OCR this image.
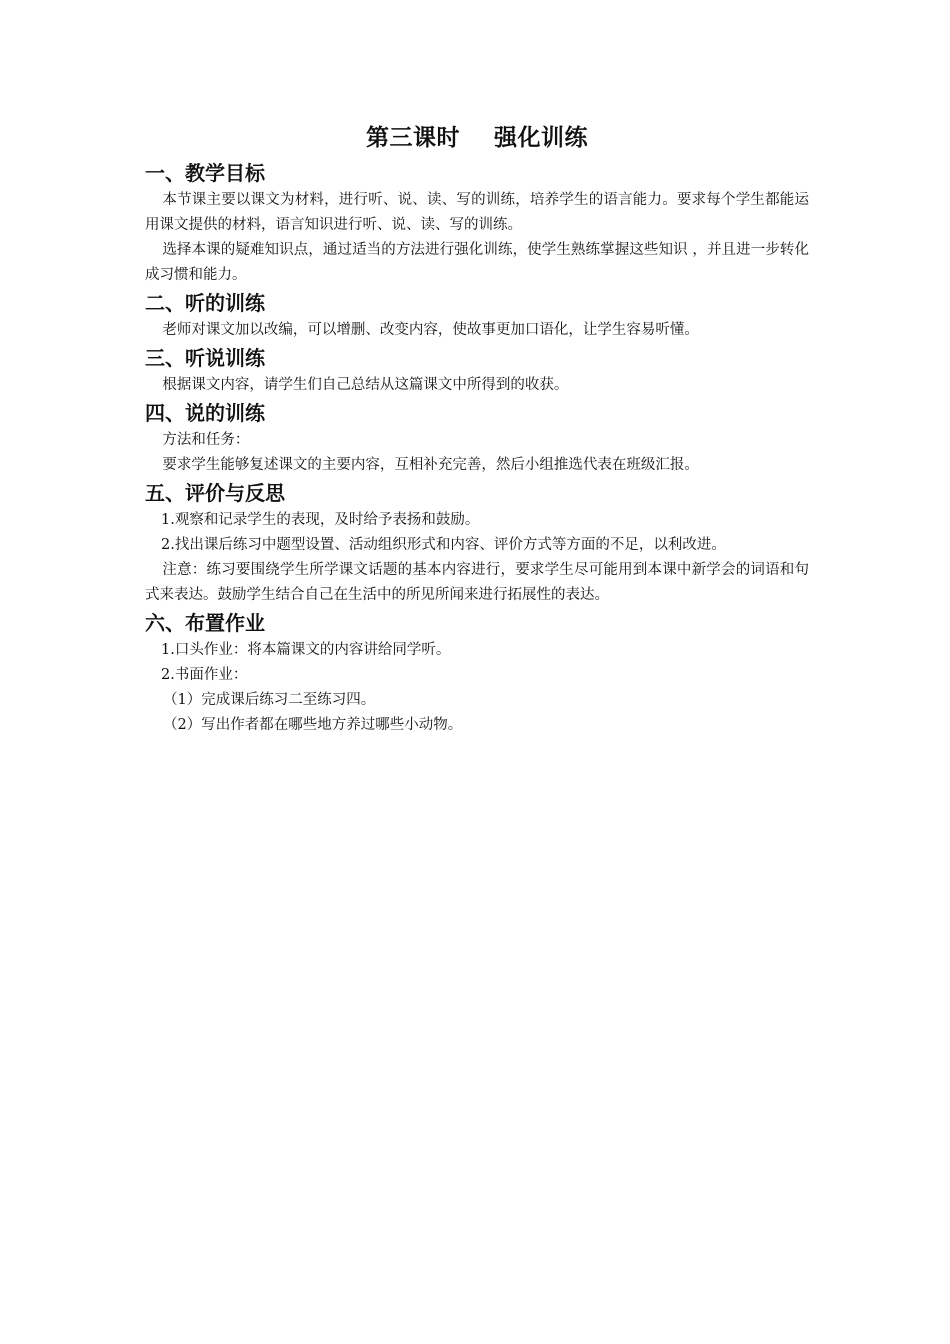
第三课时    强化训练
一、教学目标

本节课主要以课文为材料，进行听、说、读、写的训练，培养学生的语言能力。要求每个学生都能运用课文提供的材料，语言知识进行听、说、读、写的训练。

选择本课的疑难知识点，通过适当的方法进行强化训练，使学生熟练掌握这些知识 ，并且进一步转化成习惯和能力。

二、听的训练

老师对课文加以改编，可以增删、改变内容，使故事更加口语化，让学生容易听懂。

三、听说训练

根据课文内容，请学生们自己总结从这篇课文中所得到的收获。

四、说的训练

方法和任务：

要求学生能够复述课文的主要内容，互相补充完善，然后小组推选代表在班级汇报。

五、评价与反思

1.观察和记录学生的表现，及时给予表扬和鼓励。

2.找出课后练习中题型设置、活动组织形式和内容、评价方式等方面的不足，以利改进。

注意：练习要围绕学生所学课文话题的基本内容进行，要求学生尽可能用到本课中新学会的词语和句式来表达。鼓励学生结合自己在生活中的所见所闻来进行拓展性的表达。

六、布置作业

1.口头作业：将本篇课文的内容讲给同学听。

2.书面作业：

（1）完成课后练习二至练习四。

（2）写出作者都在哪些地方养过哪些小动物。
